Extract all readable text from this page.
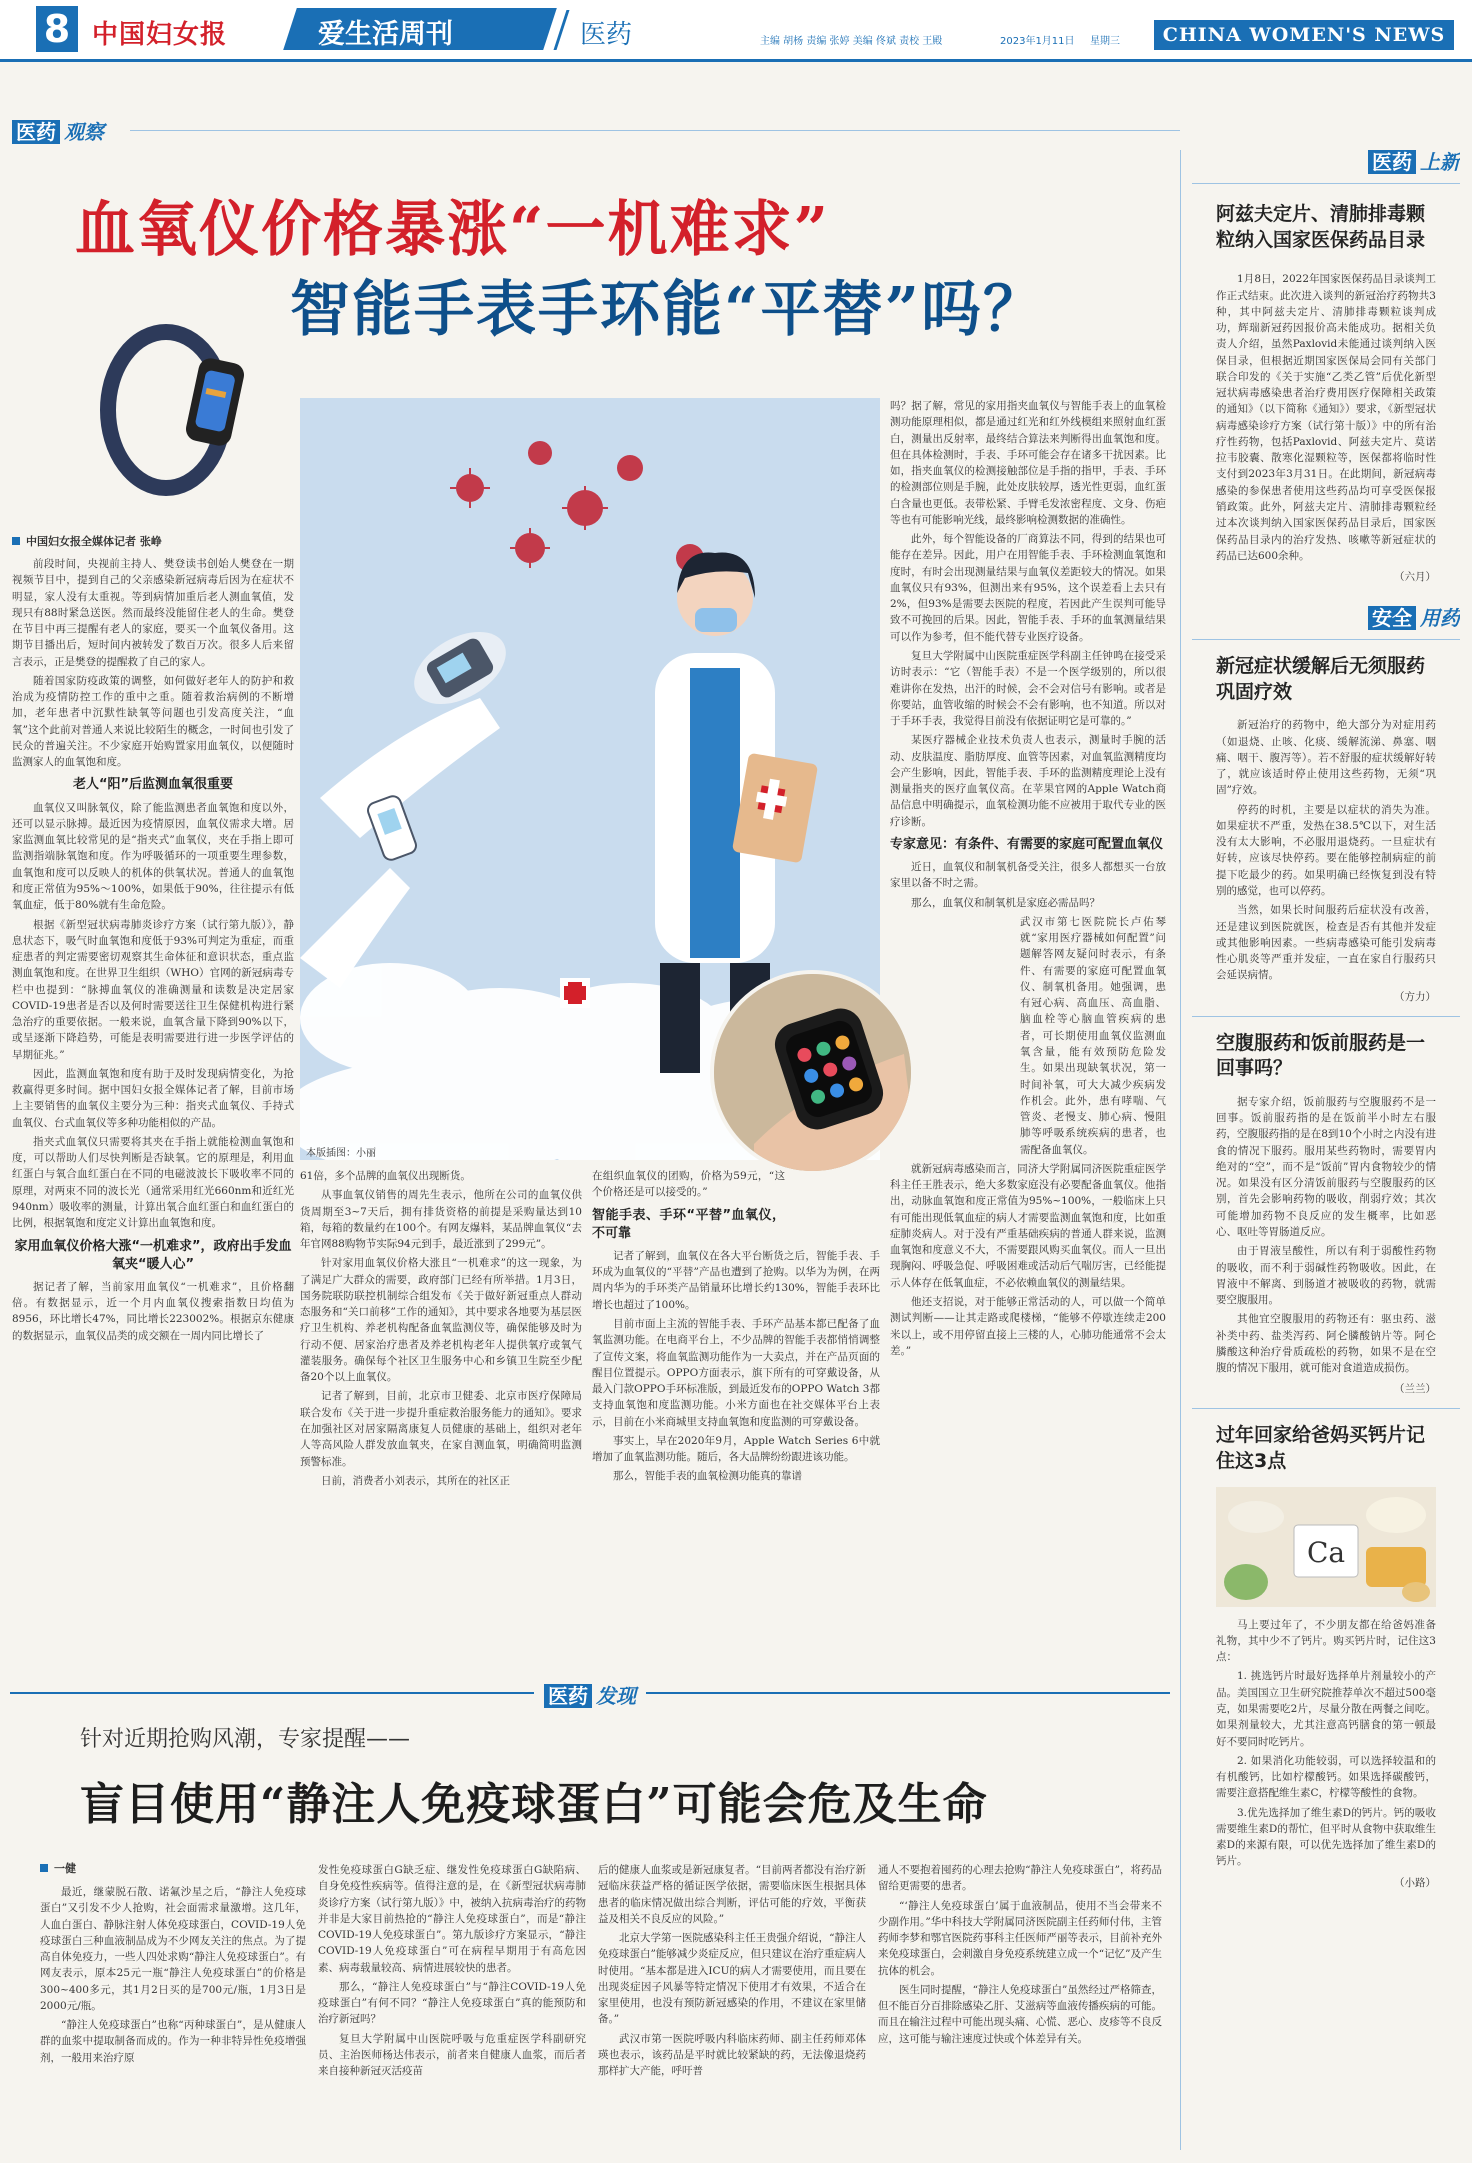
8 中国妇女报	爱生活周刊	医药	主编 胡杨 责编 张婷 美编 佟斌 责校 王殿	2023年1月11日 星期三	CHINA WOMEN'S NEWS
医药 观察
血氧仪价格暴涨“一机难求”
智能手表手环能“平替”吗？
本版插图：小丽
中国妇女报全媒体记者 张峥

前段时间，央视前主持人、樊登读书创始人樊登在一期视频节目中，提到自己的父亲感染新冠病毒后因为在症状不明显，家人没有太重视。等到病情加重后老人测血氧值，发现只有88时紧急送医。然而最终没能留住老人的生命。樊登在节目中再三提醒有老人的家庭，要买一个血氧仪备用。这期节目播出后，短时间内被转发了数百万次。很多人后来留言表示，正是樊登的提醒救了自己的家人。

随着国家防疫政策的调整，如何做好老年人的防护和救治成为疫情防控工作的重中之重。随着救治病例的不断增加，老年患者中沉默性缺氧等问题也引发高度关注，“血氧”这个此前对普通人来说比较陌生的概念，一时间也引发了民众的普遍关注。不少家庭开始购置家用血氧仪，以便随时监测家人的血氧饱和度。

老人“阳”后监测血氧很重要

血氧仪又叫脉氧仪，除了能监测患者血氧饱和度以外，还可以显示脉搏。最近因为疫情原因，血氧仪需求大增。居家监测血氧比较常见的是“指夹式”血氧仪，夹在手指上即可监测指端脉氧饱和度。作为呼吸循环的一项重要生理参数，血氧饱和度可以反映人的机体的供氧状况。普通人的血氧饱和度正常值为95%～100%，如果低于90%，往往提示有低氧血症，低于80%就有生命危险。

根据《新型冠状病毒肺炎诊疗方案（试行第九版）》，静息状态下，吸气时血氧饱和度低于93%可判定为重症，而重症患者的判定需要密切观察其生命体征和意识状态，重点监测血氧饱和度。在世界卫生组织（WHO）官网的新冠病毒专栏中也提到：“脉搏血氧仪的准确测量和读数是决定居家COVID-19患者是否以及何时需要送往卫生保健机构进行紧急治疗的重要依据。一般来说，血氧含量下降到90%以下，或呈逐渐下降趋势，可能是表明需要进行进一步医学评估的早期征兆。”

因此，监测血氧饱和度有助于及时发现病情变化，为抢救赢得更多时间。据中国妇女报全媒体记者了解，目前市场上主要销售的血氧仪主要分为三种：指夹式血氧仪、手持式血氧仪、台式血氧仪等多种功能相似的产品。

指夹式血氧仪只需要将其夹在手指上就能检测血氧饱和度，可以帮助人们尽快判断是否缺氧。它的原理是，利用血红蛋白与氧合血红蛋白在不同的电磁波波长下吸收率不同的原理，对两束不同的波长光（通常采用红光660nm和近红光940nm）吸收率的测量，计算出氧合血红蛋白和血红蛋白的比例，根据氧饱和度定义计算出血氧饱和度。

家用血氧仪价格大涨“一机难求”，政府出手发血氧夹“暖人心”

据记者了解，当前家用血氧仪“一机难求”，且价格翻倍。有数据显示，近一个月内血氧仪搜索指数日均值为8956，环比增长47%，同比增长223002%。根据京东健康的数据显示，血氧仪品类的成交额在一周内同比增长了

61倍，多个品牌的血氧仪出现断货。

从事血氧仪销售的周先生表示，他所在公司的血氧仪供货周期至3~7天后，拥有排货资格的前提是采购量达到10箱，每箱的数量约在100个。有网友爆料，某品牌血氧仪“去年官网88购物节实际94元到手，最近涨到了299元”。

针对家用血氧仪价格大涨且“一机难求”的这一现象，为了满足广大群众的需要，政府部门已经有所举措。1月3日，国务院联防联控机制综合组发布《关于做好新冠重点人群动态服务和“关口前移”工作的通知》，其中要求各地要为基层医疗卫生机构、养老机构配备血氧监测仪等，确保能够及时为行动不便、居家治疗患者及养老机构老年人提供氧疗或氧气灌装服务。确保每个社区卫生服务中心和乡镇卫生院至少配备20个以上血氧仪。

记者了解到，目前，北京市卫健委、北京市医疗保障局联合发布《关于进一步提升重症救治服务能力的通知》。要求在加强社区对居家隔离康复人员健康的基础上，组织对老年人等高风险人群发放血氧夹，在家自测血氧，明确简明监测预警标准。

日前，消费者小刘表示，其所在的社区正

在组织血氧仪的团购，价格为59元，“这个价格还是可以接受的。”

智能手表、手环“平替”血氧仪，不可靠

记者了解到，血氧仪在各大平台断货之后，智能手表、手环成为血氧仪的“平替”产品也遭到了抢购。以华为为例，在两周内华为的手环类产品销量环比增长约130%，智能手表环比增长也超过了100%。

目前市面上主流的智能手表、手环产品基本都已配备了血氧监测功能。在电商平台上，不少品牌的智能手表都悄悄调整了宣传文案，将血氧监测功能作为一大卖点，并在产品页面的醒目位置提示。OPPO方面表示，旗下所有的可穿戴设备，从最入门款OPPO手环标准版，到最近发布的OPPO Watch 3都支持血氧饱和度监测功能。小米方面也在社交媒体平台上表示，目前在小米商城里支持血氧饱和度监测的可穿戴设备。

事实上，早在2020年9月，Apple Watch Series 6中就增加了血氧监测功能。随后，各大品牌纷纷跟进该功能。

那么，智能手表的血氧检测功能真的靠谱

吗？据了解，常见的家用指夹血氧仪与智能手表上的血氧检测功能原理相似，都是通过红光和红外线模组来照射血红蛋白，测量出反射率，最终结合算法来判断得出血氧饱和度。但在具体检测时，手表、手环可能会存在诸多干扰因素。比如，指夹血氧仪的检测接触部位是手指的指甲，手表、手环的检测部位则是手腕，此处皮肤较厚，透光性更弱，血红蛋白含量也更低。表带松紧、手臂毛发浓密程度、文身、伤疤等也有可能影响光线，最终影响检测数据的准确性。

此外，每个智能设备的厂商算法不同，得到的结果也可能存在差异。因此，用户在用智能手表、手环检测血氧饱和度时，有时会出现测量结果与血氧仪差距较大的情况。如果血氧仪只有93%，但测出来有95%，这个误差看上去只有2%，但93%是需要去医院的程度，若因此产生误判可能导致不可挽回的后果。因此，智能手表、手环的血氧测量结果可以作为参考，但不能代替专业医疗设备。

复旦大学附属中山医院重症医学科副主任钟鸣在接受采访时表示：“它（智能手表）不是一个医学级别的，所以很难讲你在发热，出汗的时候，会不会对信号有影响。或者是你要站，血管收缩的时候会不会有影响，也不知道。所以对于手环手表，我觉得目前没有依据证明它是可靠的。”

某医疗器械企业技术负责人也表示，测量时手腕的活动、皮肤温度、脂肪厚度、血管等因素，对血氧监测精度均会产生影响，因此，智能手表、手环的监测精度理论上没有测量指夹的医疗血氧仪高。在苹果官网的Apple Watch商品信息中明确提示，血氧检测功能不应被用于取代专业的医疗诊断。

专家意见：有条件、有需要的家庭可配置血氧仪

近日，血氧仪和制氧机备受关注，很多人都想买一台放家里以备不时之需。

那么，血氧仪和制氧机是家庭必需品吗？

武汉市第七医院院长卢佑琴就“家用医疗器械如何配置”问题解答网友疑问时表示，有条件、有需要的家庭可配置血氧仪、制氧机备用。她强调，患有冠心病、高血压、高血脂、脑血栓等心脑血管疾病的患者，可长期使用血氧仪监测血氧含量，能有效预防危险发生。如果出现缺氧状况，第一时间补氧，可大大减少疾病发作机会。此外，患有哮喘、气管炎、老慢支、肺心病、慢阻肺等呼吸系统疾病的患者，也需配备血氧仪。

就新冠病毒感染而言，同济大学附属同济医院重症医学科主任王胜表示，绝大多数家庭没有必要配备血氧仪。他指出，动脉血氧饱和度正常值为95%~100%，一般临床上只有可能出现低氧血症的病人才需要监测血氧饱和度，比如重症肺炎病人。对于没有严重基础疾病的普通人群来说，监测血氧饱和度意义不大，不需要跟风购买血氧仪。而人一旦出现胸闷、呼吸急促、呼吸困难或活动后气喘厉害，已经能提示人体存在低氧血症，不必依赖血氧仪的测量结果。

他还支招说，对于能够正常活动的人，可以做一个简单测试判断——让其走路或爬楼梯，“能够不停歇连续走200米以上，或不用停留直接上三楼的人，心肺功能通常不会太差。”

医药 上新
阿兹夫定片、清肺排毒颗粒纳入国家医保药品目录

1月8日，2022年国家医保药品目录谈判工作正式结束。此次进入谈判的新冠治疗药物共3种，其中阿兹夫定片、清肺排毒颗粒谈判成功，辉瑞新冠药因报价高未能成功。据相关负责人介绍，虽然Paxlovid未能通过谈判纳入医保目录，但根据近期国家医保局会同有关部门联合印发的《关于实施“乙类乙管”后优化新型冠状病毒感染患者治疗费用医疗保障相关政策的通知》（以下简称《通知》）要求，《新型冠状病毒感染诊疗方案（试行第十版）》中的所有治疗性药物，包括Paxlovid、阿兹夫定片、莫诺拉韦胶囊、散寒化湿颗粒等，医保都将临时性支付到2023年3月31日。在此期间，新冠病毒感染的参保患者使用这些药品均可享受医保报销政策。此外，阿兹夫定片、清肺排毒颗粒经过本次谈判纳入国家医保药品目录后，国家医保药品目录内的治疗发热、咳嗽等新冠症状的药品已达600余种。

（六月）
安全 用药
新冠症状缓解后无须服药巩固疗效

新冠治疗的药物中，绝大部分为对症用药（如退烧、止咳、化痰、缓解流涕、鼻塞、咽痛、咽干、腹泻等）。若不舒服的症状缓解好转了，就应该适时停止使用这些药物，无须“巩固”疗效。

停药的时机，主要是以症状的消失为准。如果症状不严重，发热在38.5℃以下，对生活没有太大影响，不必服用退烧药。一旦症状有好转，应该尽快停药。要在能够控制病症的前提下吃最少的药。如果明确已经恢复到没有特别的感觉，也可以停药。

当然，如果长时间服药后症状没有改善，还是建议到医院就医，检查是否有其他并发症或其他影响因素。一些病毒感染可能引发病毒性心肌炎等严重并发症，一直在家自行服药只会延误病情。

（方力）
空腹服药和饭前服药是一回事吗？

据专家介绍，饭前服药与空腹服药不是一回事。饭前服药指的是在饭前半小时左右服药，空腹服药指的是在8到10个小时之内没有进食的情况下服药。服用某些药物时，需要胃内绝对的“空”，而不是“饭前”胃内食物较少的情况。如果没有区分清饭前服药与空腹服药的区别，首先会影响药物的吸收，削弱疗效；其次可能增加药物不良反应的发生概率，比如恶心、呕吐等胃肠道反应。

由于胃液呈酸性，所以有利于弱酸性药物的吸收，而不利于弱碱性药物吸收。因此，在胃液中不解离、到肠道才被吸收的药物，就需要空腹服用。

其他宜空腹服用的药物还有：驱虫药、滋补类中药、盐类泻药、阿仑膦酸钠片等。阿仑膦酸这种治疗骨质疏松的药物，如果不是在空腹的情况下服用，就可能对食道造成损伤。

（兰兰）
过年回家给爸妈买钙片记住这3点
Ca

马上要过年了，不少朋友都在给爸妈准备礼物，其中少不了钙片。购买钙片时，记住这3点：

1. 挑选钙片时最好选择单片剂量较小的产品。美国国立卫生研究院推荐单次不超过500毫克，如果需要吃2片，尽量分散在两餐之间吃。如果剂量较大，尤其注意高钙膳食的第一顿最好不要同时吃钙片。

2. 如果消化功能较弱，可以选择较温和的有机酸钙，比如柠檬酸钙。如果选择碳酸钙，需要注意搭配维生素C，柠檬等酸性的食物。

3.优先选择加了维生素D的钙片。钙的吸收需要维生素D的帮忙，但平时从食物中获取维生素D的来源有限，可以优先选择加了维生素D的钙片。

（小路）
医药 发现
针对近期抢购风潮，专家提醒——
盲目使用“静注人免疫球蛋白”可能会危及生命
一健

最近，继蒙脱石散、诺氟沙星之后，“静注人免疫球蛋白”又引发不少人抢购，社会面需求量激增。这几年，人血白蛋白、静脉注射人体免疫球蛋白，COVID-19人免疫球蛋白三种血液制品成为不少网友关注的焦点。为了提高自体免疫力，一些人四处求购“静注人免疫球蛋白”。有网友表示，原本25元一瓶“静注人免疫球蛋白”的价格是300~400多元，其1月2日买的是700元/瓶，1月3日是2000元/瓶。

“静注人免疫球蛋白”也称“丙种球蛋白”，是从健康人群的血浆中提取制备而成的。作为一种非特异性免疫增强剂，一般用来治疗原

发性免疫球蛋白G缺乏症、继发性免疫球蛋白G缺陷病、自身免疫性疾病等。值得注意的是，在《新型冠状病毒肺炎诊疗方案（试行第九版）》中，被纳入抗病毒治疗的药物并非是大家目前热抢的“静注人免疫球蛋白”，而是“静注COVID-19人免疫球蛋白”。第九版诊疗方案显示，“静注COVID-19人免疫球蛋白”可在病程早期用于有高危因素、病毒载量较高、病情进展较快的患者。

那么，“静注人免疫球蛋白”与“静注COVID-19人免疫球蛋白”有何不同？“静注人免疫球蛋白”真的能预防和治疗新冠吗？

复旦大学附属中山医院呼吸与危重症医学科副研究员、主治医师杨达伟表示，前者来自健康人血浆，而后者来自接种新冠灭活疫苗

后的健康人血浆或是新冠康复者。“目前两者都没有治疗新冠临床获益严格的循证医学依据，需要临床医生根据具体患者的临床情况做出综合判断，评估可能的疗效，平衡获益及相关不良反应的风险。”

北京大学第一医院感染科主任王贵强介绍说，“静注人免疫球蛋白”能够减少炎症反应，但只建议在治疗重症病人时使用。“基本都是进入ICU的病人才需要使用，而且要在出现炎症因子风暴等特定情况下使用才有效果，不适合在家里使用，也没有预防新冠感染的作用，不建议在家里储备。”

武汉市第一医院呼吸内科临床药师、副主任药师邓体瑛也表示，该药品是平时就比较紧缺的药，无法像退烧药那样扩大产能，呼吁普

通人不要抱着囤药的心理去抢购“静注人免疫球蛋白”，将药品留给更需要的患者。

“‘静注人免疫球蛋白’属于血液制品，使用不当会带来不少副作用。”华中科技大学附属同济医院副主任药师付伟，主管药师李梦和鄂官医院药事科主任医师严丽等表示，目前补充外来免疫球蛋白，会刺激自身免疫系统建立成一个“记忆”及产生抗体的机会。

医生同时提醒，“静注人免疫球蛋白”虽然经过严格筛查，但不能百分百排除感染乙肝、艾滋病等血液传播疾病的可能。而且在输注过程中可能出现头痛、心慌、恶心、皮疹等不良反应，这可能与输注速度过快或个体差异有关。
